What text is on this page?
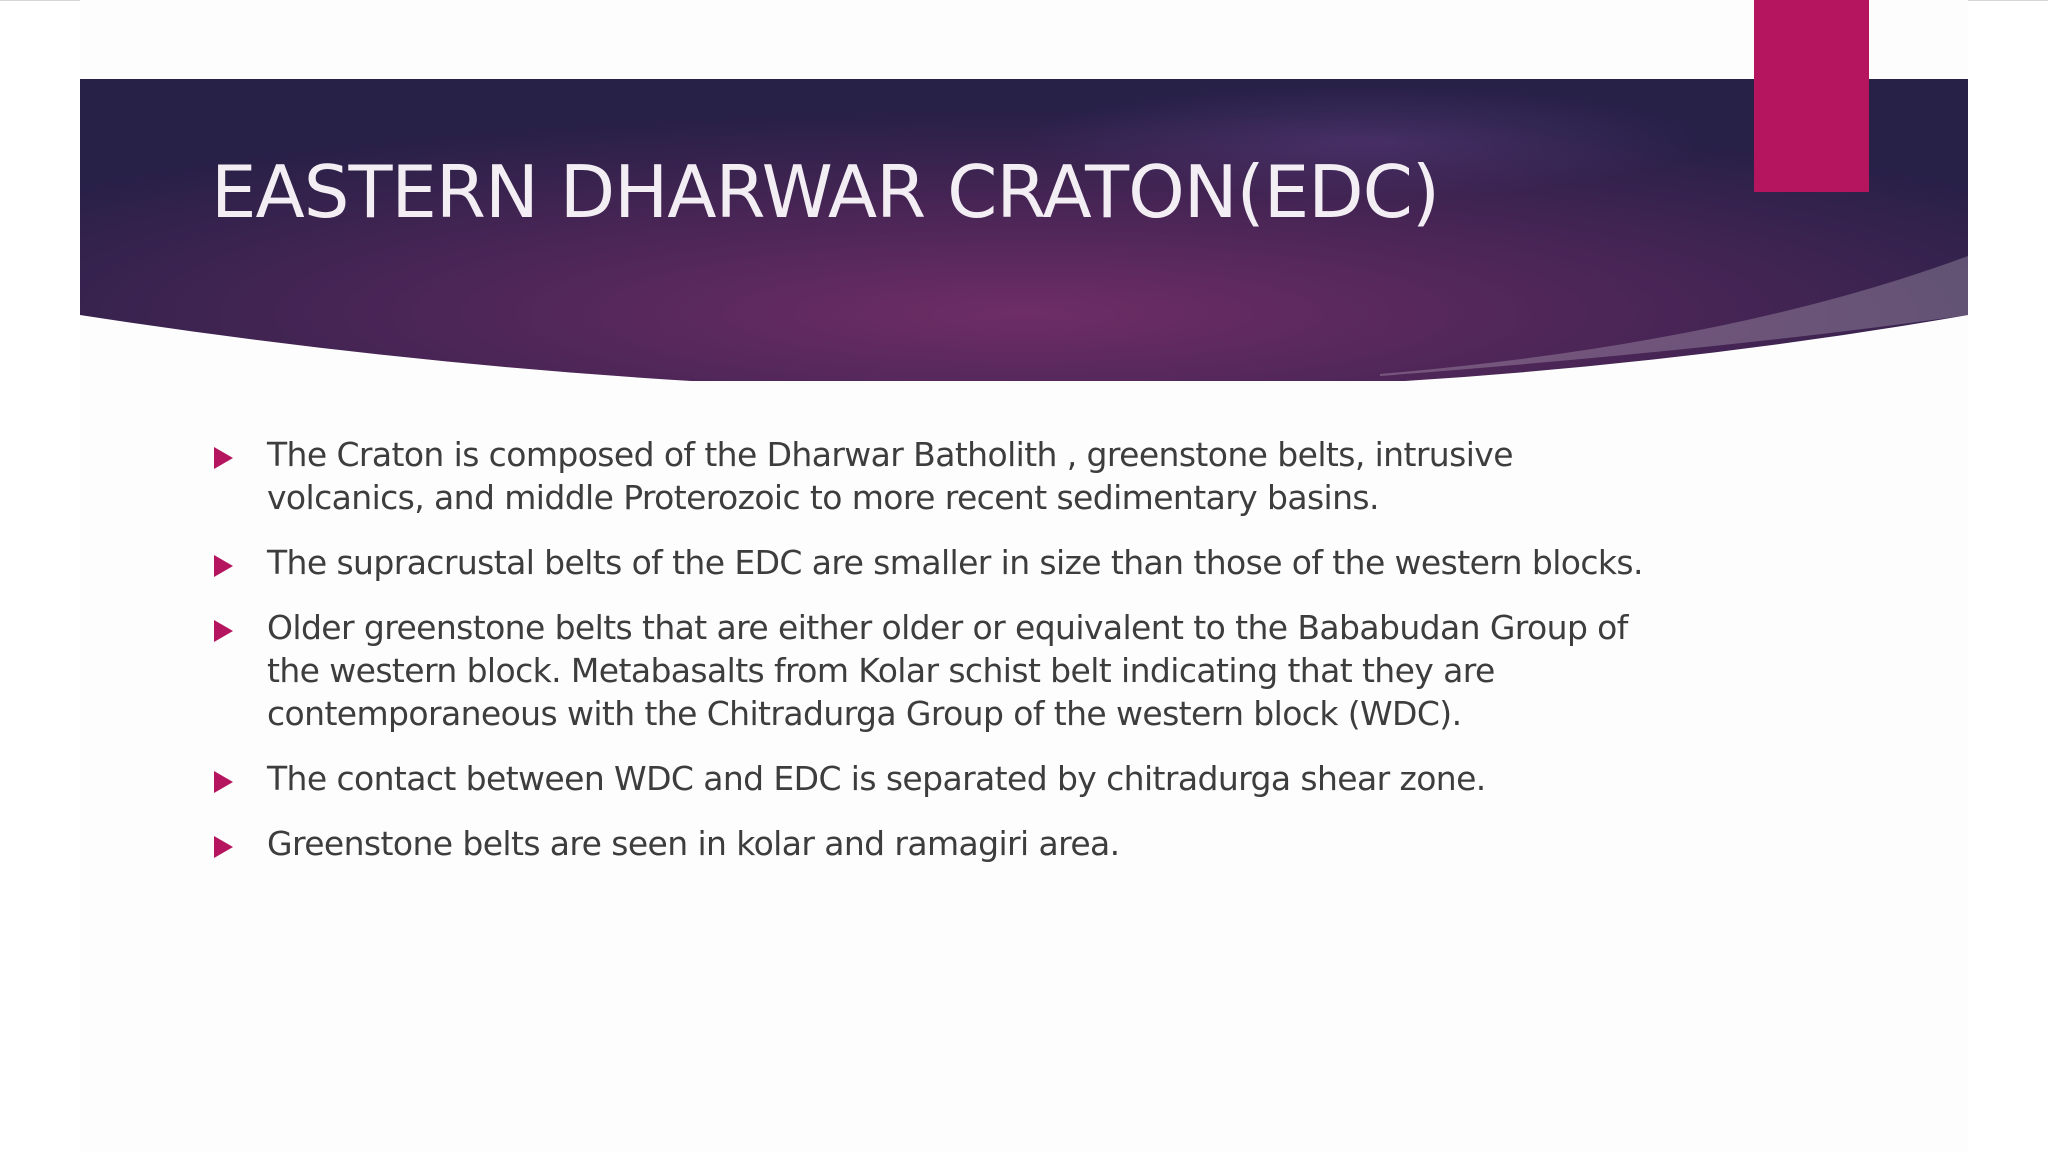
EASTERN DHARWAR CRATON(EDC)
The Craton is composed of the Dharwar Batholith , greenstone belts, intrusive volcanics, and middle Proterozoic to more recent sedimentary basins.
The supracrustal belts of the EDC are smaller in size than those of the western blocks.
Older greenstone belts that are either older or equivalent to the Bababudan Group of the western block. Metabasalts from Kolar schist belt indicating that they are contemporaneous with the Chitradurga Group of the western block (WDC).
The contact between WDC and EDC is separated by chitradurga shear zone.
Greenstone belts are seen in kolar and ramagiri area.
